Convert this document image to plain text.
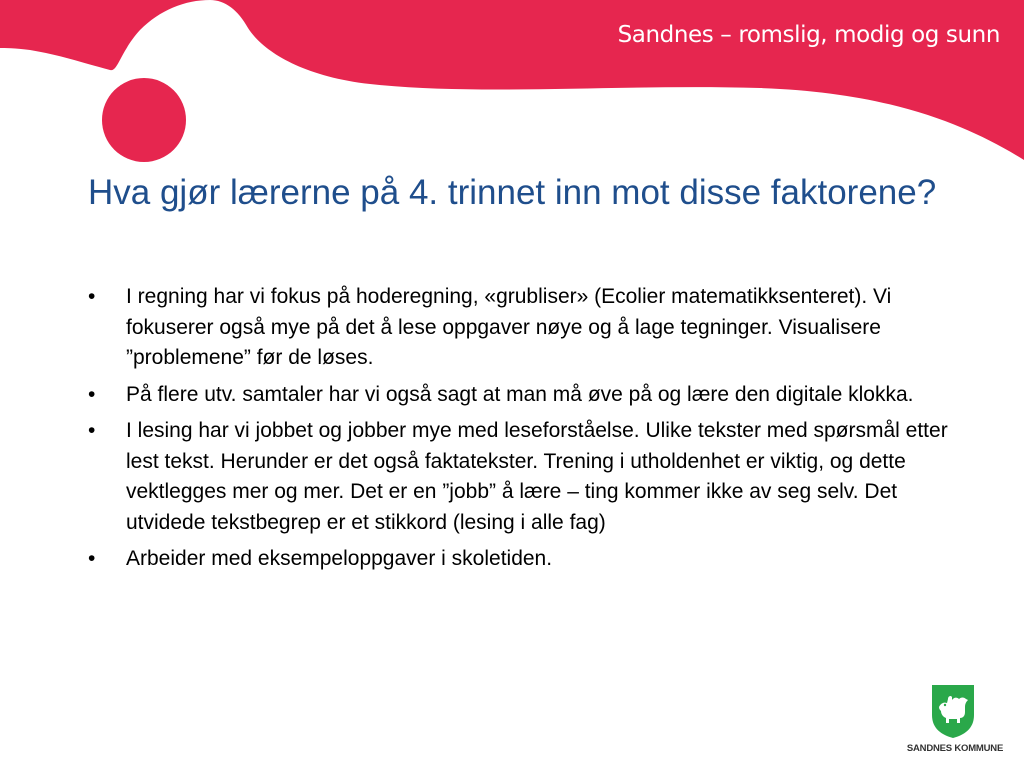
Sandnes – romslig, modig og sunn
Hva gjør lærerne på 4. trinnet inn mot disse faktorene?
• I regning har vi fokus på hoderegning, «grubliser» (Ecolier matematikksenteret). Vi fokuserer også mye på det å lese oppgaver nøye og å lage tegninger. Visualisere ”problemene” før de løses.
• På flere utv. samtaler har vi også sagt at man må øve på og lære den digitale klokka.
• I lesing har vi jobbet og jobber mye med leseforståelse. Ulike tekster med spørsmål etter lest tekst. Herunder er det også faktatekster. Trening i utholdenhet er viktig, og dette vektlegges mer og mer. Det er en ”jobb” å lære – ting kommer ikke av seg selv. Det utvidede tekstbegrep er et stikkord (lesing i alle fag)
• Arbeider med eksempeloppgaver i skoletiden.
SANDNES KOMMUNE
